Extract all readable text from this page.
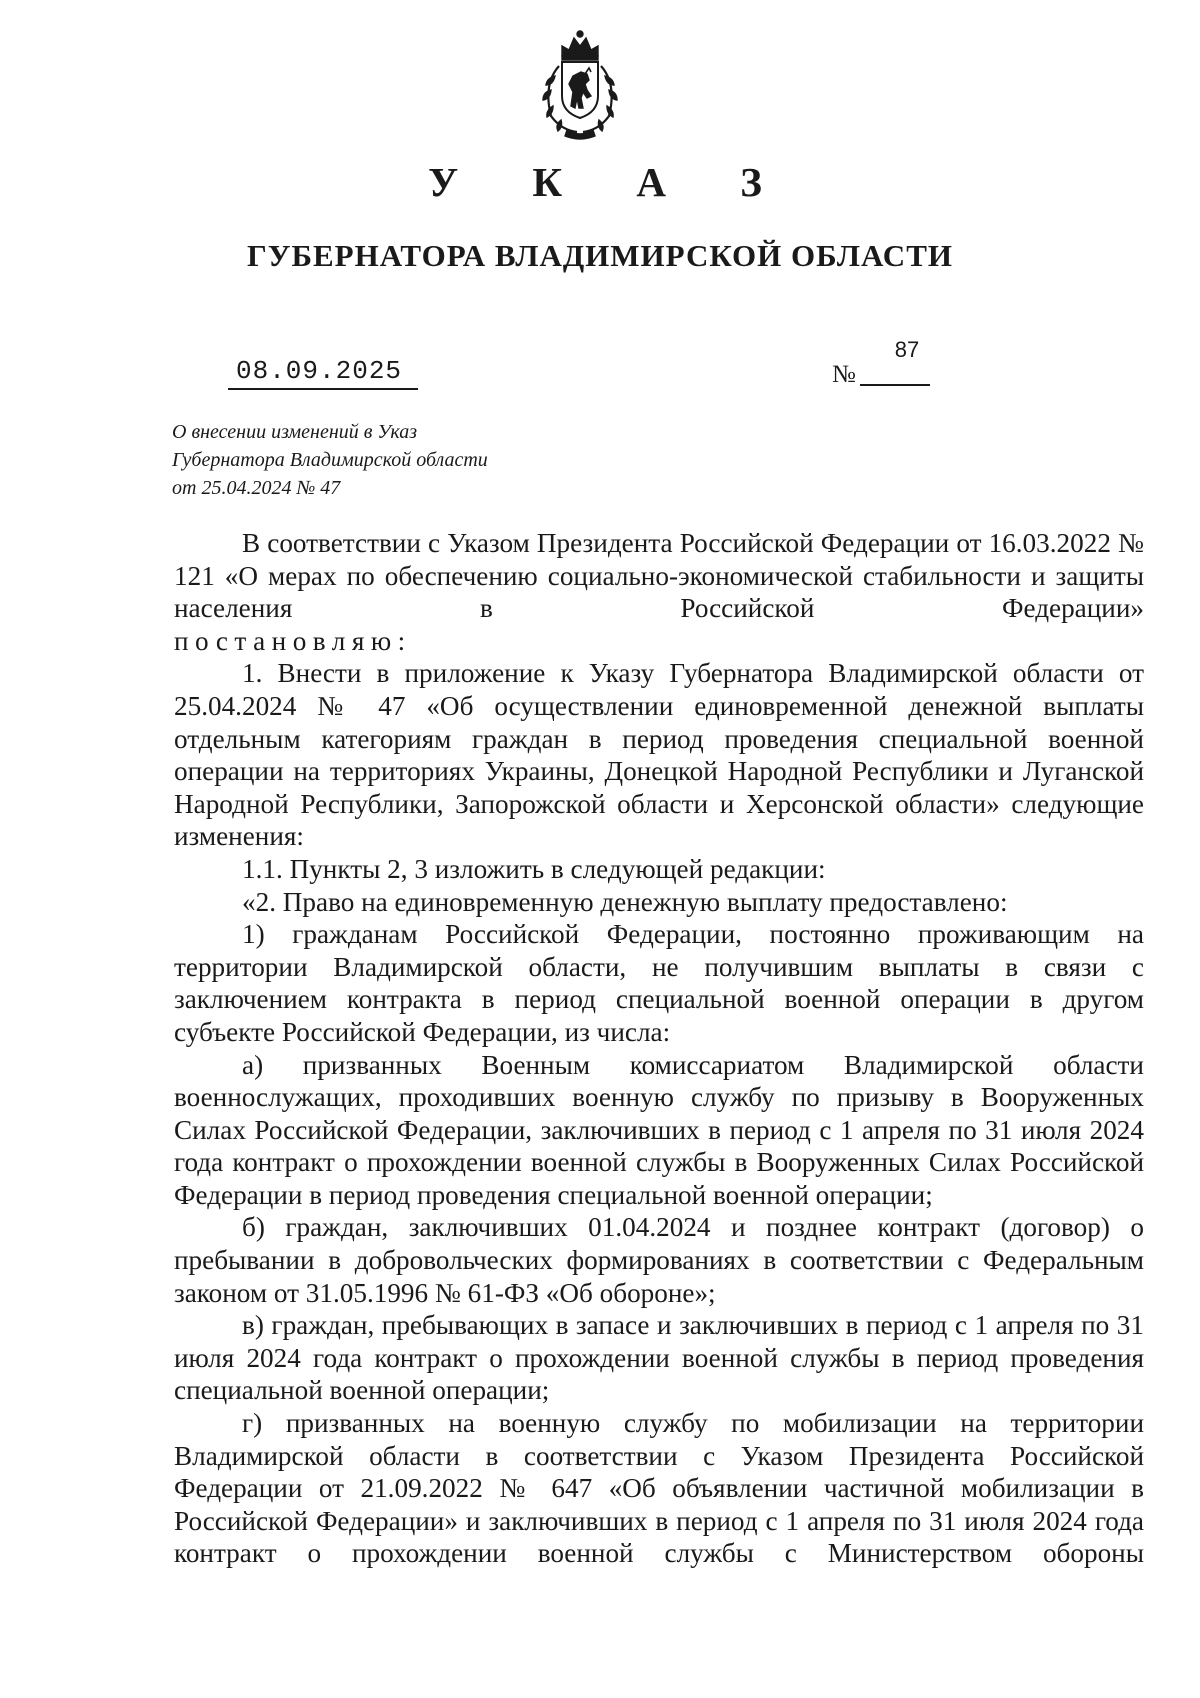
У К А З
ГУБЕРНАТОРА ВЛАДИМИРСКОЙ ОБЛАСТИ
08.09.2025	№
87
О внесении изменений в Указ
Губернатора Владимирской области
от 25.04.2024 № 47

В соответствии с Указом Президента Российской Федерации от 16.03.2022 № 121 «О мерах по обеспечению социально-экономической стабильности и защиты населения в Российской Федерации»

постановляю:

1. Внести в приложение к Указу Губернатора Владимирской области от 25.04.2024 № 47 «Об осуществлении единовременной денежной выплаты отдельным категориям граждан в период проведения специальной военной операции на территориях Украины, Донецкой Народной Республики и Луганской Народной Республики, Запорожской области и Херсонской области» следующие изменения:

1.1. Пункты 2, 3 изложить в следующей редакции:

«2. Право на единовременную денежную выплату предоставлено:

1) гражданам Российской Федерации, постоянно проживающим на территории Владимирской области, не получившим выплаты в связи с заключением контракта в период специальной военной операции в другом субъекте Российской Федерации, из числа:

а) призванных Военным комиссариатом Владимирской области военнослужащих, проходивших военную службу по призыву в Вооруженных Силах Российской Федерации, заключивших в период с 1 апреля по 31 июля 2024 года контракт о прохождении военной службы в Вооруженных Силах Российской Федерации в период проведения специальной военной операции;

б) граждан, заключивших 01.04.2024 и позднее контракт (договор) о пребывании в добровольческих формированиях в соответствии с Федеральным законом от 31.05.1996 № 61-ФЗ «Об обороне»;

в) граждан, пребывающих в запасе и заключивших в период с 1 апреля по 31 июля 2024 года контракт о прохождении военной службы в период проведения специальной военной операции;

г) призванных на военную службу по мобилизации на территории Владимирской области в соответствии с Указом Президента Российской Федерации от 21.09.2022 № 647 «Об объявлении частичной мобилизации в Российской Федерации» и заключивших в период с 1 апреля по 31 июля 2024 года контракт о прохождении военной службы с Министерством обороны
